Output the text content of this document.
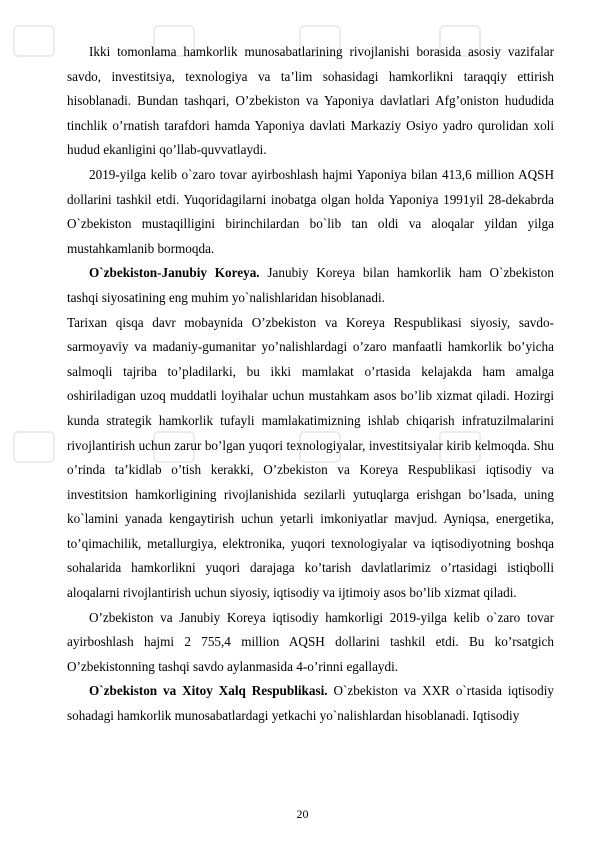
Ikki tomonlama hamkorlik munosabatlarining rivojlanishi borasida asosiy vazifalar savdo, investitsiya, texnologiya va ta’lim sohasidagi hamkorlikni taraqqiy ettirish hisoblanadi. Bundan tashqari, O’zbekiston va Yaponiya davlatlari Afg’oniston hududida tinchlik o’rnatish tarafdori hamda Yaponiya davlati Markaziy Osiyo yadro qurolidan xoli hudud ekanligini qo’llab-quvvatlaydi.

2019-yilga kelib o`zaro tovar ayirboshlash hajmi Yaponiya bilan 413,6 million AQSH dollarini tashkil etdi. Yuqoridagilarni inobatga olgan holda Yaponiya 1991yil 28-dekabrda O`zbekiston mustaqilligini birinchilardan bo`lib tan oldi va aloqalar yildan yilga mustahkamlanib bormoqda.

O`zbekiston-Janubiy Koreya. Janubiy Koreya bilan hamkorlik ham O`zbekiston tashqi siyosatining eng muhim yo`nalishlaridan hisoblanadi.

Tarixan qisqa davr mobaynida O’zbekiston va Koreya Respublikasi siyosiy, savdo-sarmoyaviy va madaniy-gumanitar yo’nalishlardagi o’zaro manfaatli hamkorlik bo’yicha salmoqli tajriba to’pladilarki, bu ikki mamlakat o’rtasida kelajakda ham amalga oshiriladigan uzoq muddatli loyihalar uchun mustahkam asos bo’lib xizmat qiladi. Hozirgi kunda strategik hamkorlik tufayli mamlakatimizning ishlab chiqarish infratuzilmalarini rivojlantirish uchun zarur bo’lgan yuqori texnologiyalar, investitsiyalar kirib kelmoqda. Shu o’rinda ta’kidlab o’tish kerakki, O’zbekiston va Koreya Respublikasi iqtisodiy va investitsion hamkorligining rivojlanishida sezilarli yutuqlarga erishgan bo’lsada, uning ko`lamini yanada kengaytirish uchun yetarli imkoniyatlar mavjud. Ayniqsa, energetika, to’qimachilik, metallurgiya, elektronika, yuqori texnologiyalar va iqtisodiyotning boshqa sohalarida hamkorlikni yuqori darajaga ko’tarish davlatlarimiz o’rtasidagi istiqbolli aloqalarni rivojlantirish uchun siyosiy, iqtisodiy va ijtimoiy asos bo’lib xizmat qiladi.

O’zbekiston va Janubiy Koreya iqtisodiy hamkorligi 2019-yilga kelib o`zaro tovar ayirboshlash hajmi 2 755,4 million AQSH dollarini tashkil etdi. Bu ko’rsatgich O’zbekistonning tashqi savdo aylanmasida 4-o’rinni egallaydi.

O`zbekiston va Xitoy Xalq Respublikasi. O`zbekiston va XXR o`rtasida iqtisodiy sohadagi hamkorlik munosabatlardagi yetkachi yo`nalishlardan hisoblanadi. Iqtisodiy

20
